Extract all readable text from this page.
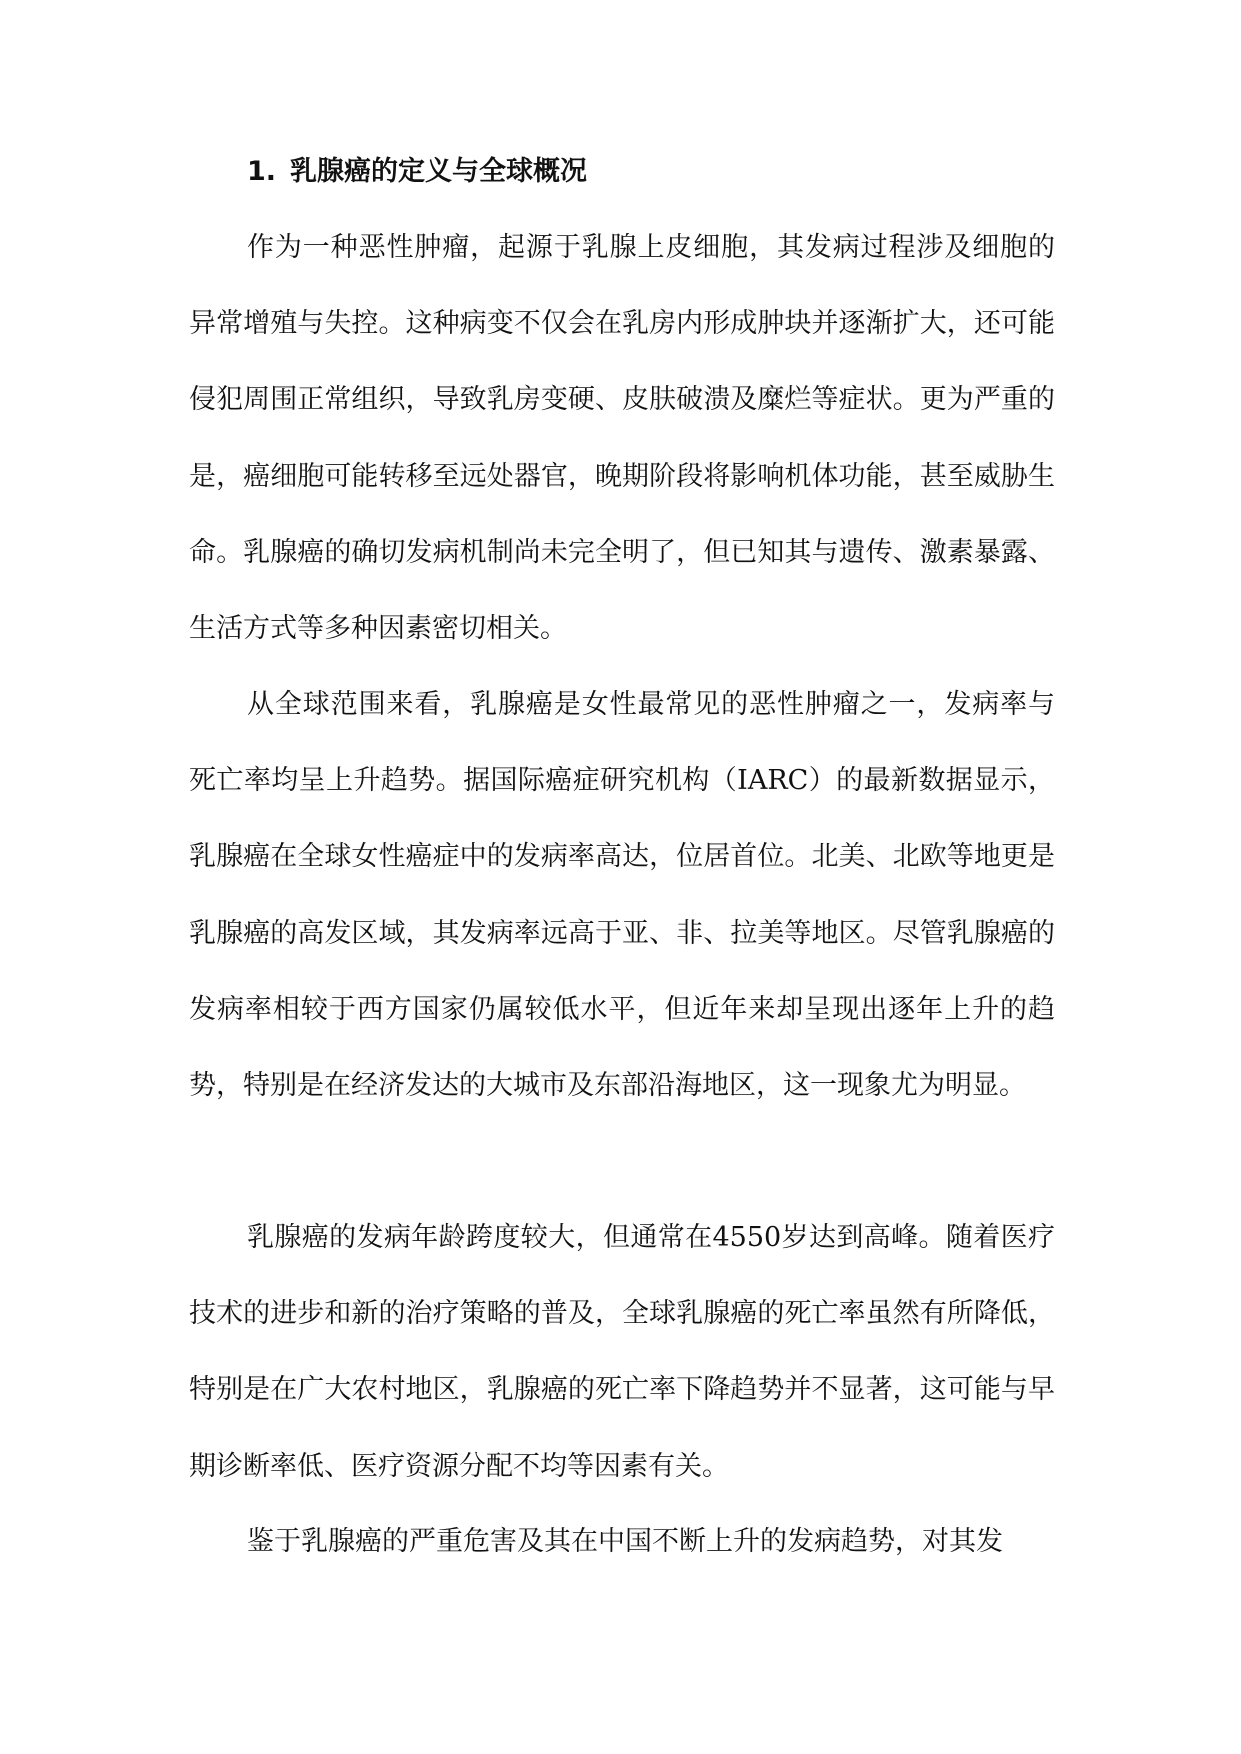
1. 乳腺癌的定义与全球概况

作为一种恶性肿瘤，起源于乳腺上皮细胞，其发病过程涉及细胞的异常增殖与失控。这种病变不仅会在乳房内形成肿块并逐渐扩大，还可能侵犯周围正常组织，导致乳房变硬、皮肤破溃及糜烂等症状。更为严重的是，癌细胞可能转移至远处器官，晚期阶段将影响机体功能，甚至威胁生命。乳腺癌的确切发病机制尚未完全明了，但已知其与遗传、激素暴露、生活方式等多种因素密切相关。

从全球范围来看，乳腺癌是女性最常见的恶性肿瘤之一，发病率与死亡率均呈上升趋势。据国际癌症研究机构（IARC）的最新数据显示，乳腺癌在全球女性癌症中的发病率高达，位居首位。北美、北欧等地更是乳腺癌的高发区域，其发病率远高于亚、非、拉美等地区。尽管乳腺癌的发病率相较于西方国家仍属较低水平，但近年来却呈现出逐年上升的趋势，特别是在经济发达的大城市及东部沿海地区，这一现象尤为明显。

乳腺癌的发病年龄跨度较大，但通常在4550岁达到高峰。随着医疗技术的进步和新的治疗策略的普及，全球乳腺癌的死亡率虽然有所降低，特别是在广大农村地区，乳腺癌的死亡率下降趋势并不显著，这可能与早期诊断率低、医疗资源分配不均等因素有关。

鉴于乳腺癌的严重危害及其在中国不断上升的发病趋势，对其发
